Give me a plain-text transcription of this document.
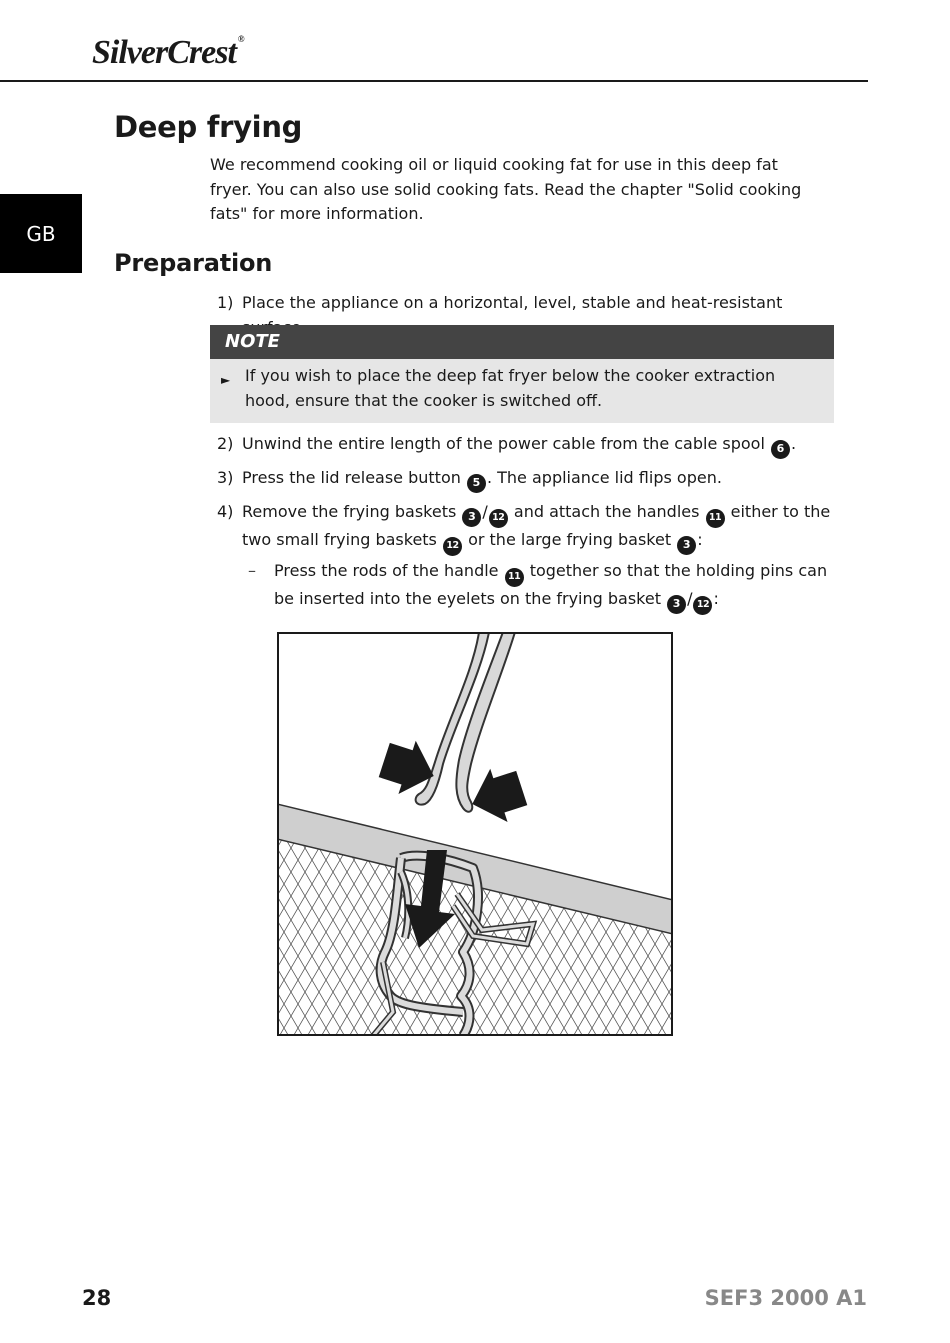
SilverCrest ®
GB
Deep frying
We recommend cooking oil or liquid cooking fat for use in this deep fat fryer. You can also use solid cooking fats. Read the chapter "Solid cooking fats" for more information.
Preparation
1) Place the appliance on a horizontal, level, stable and heat-resistant
NOTE
► If you wish to place the deep fat fryer below the cooker extraction hood, ensure that the cooker is switched off.
2) Unwind the entire length of the power cable from the cable spool 6 .
3) Press the lid release button 5 . The appliance lid flips open.
4) Remove the frying baskets 3 / 12 and attach the handles 11 either to the two small frying baskets 12 or the large frying basket 3 :
–	Press the rods of the handle 11 together so that the holding pins can be inserted into the eyelets on the frying basket 3 / 12 :
28	SEF3 2000 A1
